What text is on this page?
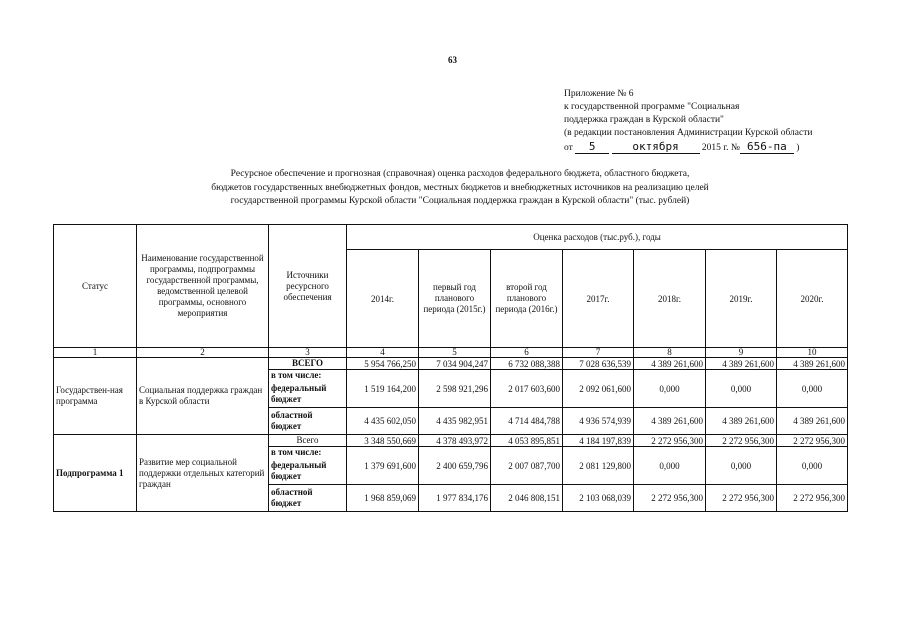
63
Приложение № 6
к государственной программе "Социальная
поддержка граждан в Курской области"
(в редакции постановления Администрации Курской области
от 5	октября 2015 г. № 656-па )
Ресурсное обеспечение и прогнозная (справочная) оценка расходов федерального бюджета, областного бюджета,
бюджетов государственных внебюджетных фондов, местных бюджетов и внебюджетных источников на реализацию целей
государственной программы Курской области "Социальная поддержка граждан в Курской области" (тыс. рублей)
Статус	Наименование государственной программы, подпрограммы государственной программы, ведомственной целевой программы, основного мероприятия	Источники ресурсного обеспечения	Оценка расходов (тыс.руб.), годы						
			2014г.	первый год планового периода (2015г.)	второй год планового периода (2016г.)	2017г.	2018г.	2019г.	2020г.
1	2	3	4	5	6	7	8	9	10
Государствен-ная программа	Социальная поддержка граждан в Курской области	ВСЕГО	5 954 766,250	7 034 904,247	6 732 088,388	7 028 636,539	4 389 261,600	4 389 261,600	4 389 261,600
		в том числе:	1 519 164,200	2 598 921,296	2 017 603,600	2 092 061,600	0,000	0,000	0,000
		федеральный бюджет							
		областной бюджет	4 435 602,050	4 435 982,951	4 714 484,788	4 936 574,939	4 389 261,600	4 389 261,600	4 389 261,600
Подпрограмма 1	Развитие мер социальной поддержки отдельных категорий граждан	Всего	3 348 550,669	4 378 493,972	4 053 895,851	4 184 197,839	2 272 956,300	2 272 956,300	2 272 956,300
		в том числе:	1 379 691,600	2 400 659,796	2 007 087,700	2 081 129,800	0,000	0,000	0,000
		федеральный бюджет							
		областной бюджет	1 968 859,069	1 977 834,176	2 046 808,151	2 103 068,039	2 272 956,300	2 272 956,300	2 272 956,300
